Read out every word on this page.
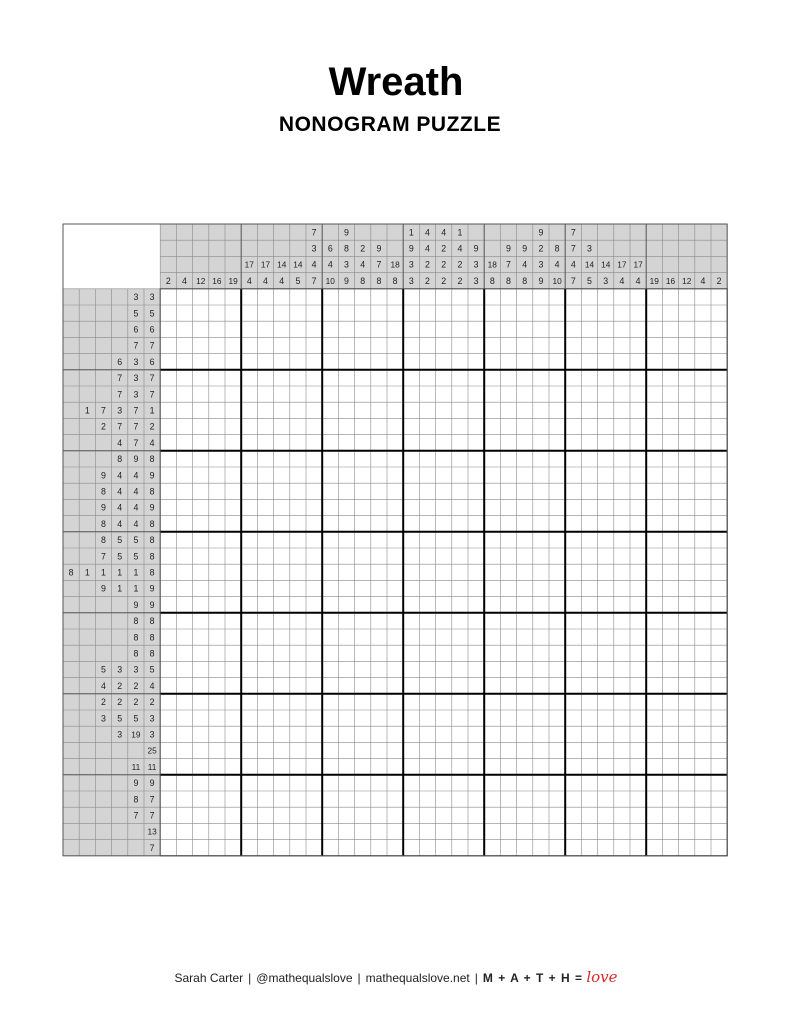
Wreath
NONOGRAM PUZZLE
2 4 12 16 19
17
4
17
4
14
4
14
5
7
3
4
7
6
4
10
9
8
3
9
2
4
8
9
7
8
18
8
1
9
3
3
4
4
2
2
4
2
2
2
1
4
2
2
9
3
3
18
8
9
7
8
9
4
8
9
2
3
9
8
4
10
7
7
4
7
3
14
5
14
3
17
4
17
4 19 16 12 4 2
3 3
5 5
6 6
7 7
6 3 6
7 3 7
7 3 7
1 7 3 7 1
2 7 7 2
4 7 4
8 9 8
9 4 4 9
8 4 4 8
9 4 4 9
8 4 4 8
8 5 5 8
7 5 5 8
8 1 1 1 1 8
9 1 1 9
9 9
8 8
8 8
8 8
5 3 3 5
4 2 2 4
2 2 2 2
3 5 5 3
3 19 3
25
11 11
9 9
8 7
7 7
13
7
Sarah Carter | @mathequalslove | mathequalslove.net | M + A + T + H = love
